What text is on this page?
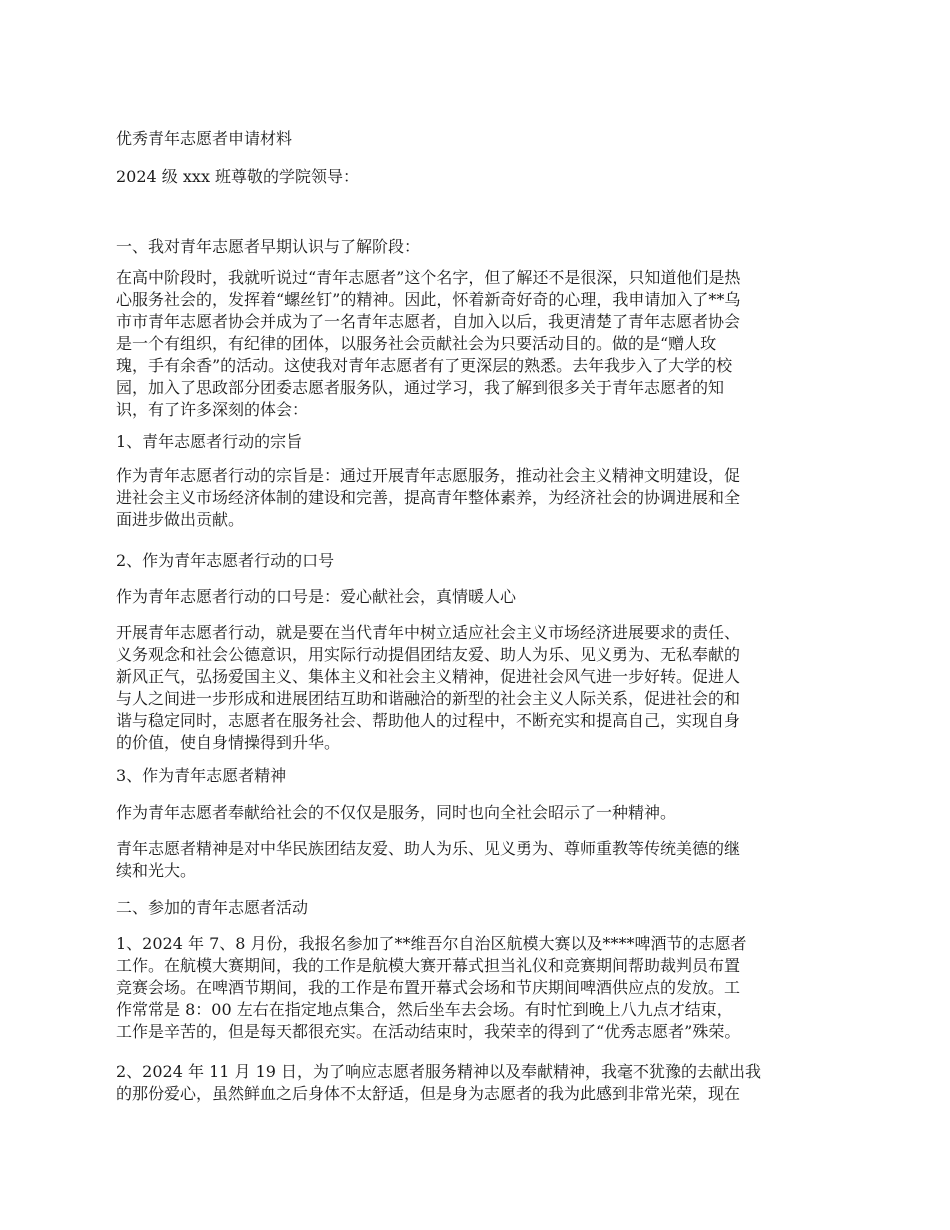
优秀青年志愿者申请材料

2024 级 xxx 班尊敬的学院领导：

一、我对青年志愿者早期认识与了解阶段：

在高中阶段时，我就听说过“青年志愿者”这个名字，但了解还不是很深，只知道他们是热

心服务社会的，发挥着“螺丝钉”的精神。因此，怀着新奇好奇的心理，我申请加入了**乌

市市青年志愿者协会并成为了一名青年志愿者，自加入以后，我更清楚了青年志愿者协会

是一个有组织，有纪律的团体，以服务社会贡献社会为只要活动目的。做的是“赠人玫

瑰，手有余香”的活动。这使我对青年志愿者有了更深层的熟悉。去年我步入了大学的校

园，加入了思政部分团委志愿者服务队，通过学习，我了解到很多关于青年志愿者的知

识，有了许多深刻的体会：

1、青年志愿者行动的宗旨

作为青年志愿者行动的宗旨是：通过开展青年志愿服务，推动社会主义精神文明建设，促

进社会主义市场经济体制的建设和完善，提高青年整体素养，为经济社会的协调进展和全

面进步做出贡献。

2、作为青年志愿者行动的口号

作为青年志愿者行动的口号是：爱心献社会，真情暖人心

开展青年志愿者行动，就是要在当代青年中树立适应社会主义市场经济进展要求的责任、

义务观念和社会公德意识，用实际行动提倡团结友爱、助人为乐、见义勇为、无私奉献的

新风正气，弘扬爱国主义、集体主义和社会主义精神，促进社会风气进一步好转。促进人

与人之间进一步形成和进展团结互助和谐融洽的新型的社会主义人际关系，促进社会的和

谐与稳定同时，志愿者在服务社会、帮助他人的过程中，不断充实和提高自己，实现自身

的价值，使自身情操得到升华。

3、作为青年志愿者精神

作为青年志愿者奉献给社会的不仅仅是服务，同时也向全社会昭示了一种精神。

青年志愿者精神是对中华民族团结友爱、助人为乐、见义勇为、尊师重教等传统美德的继

续和光大。

二、参加的青年志愿者活动

1、2024 年 7、8 月份，我报名参加了**维吾尔自治区航模大赛以及****啤酒节的志愿者

工作。在航模大赛期间，我的工作是航模大赛开幕式担当礼仪和竞赛期间帮助裁判员布置

竞赛会场。在啤酒节期间，我的工作是布置开幕式会场和节庆期间啤酒供应点的发放。工

作常常是 8：00 左右在指定地点集合，然后坐车去会场。有时忙到晚上八九点才结束，

工作是辛苦的，但是每天都很充实。在活动结束时，我荣幸的得到了“优秀志愿者”殊荣。

2、2024 年 11 月 19 日，为了响应志愿者服务精神以及奉献精神，我毫不犹豫的去献出我

的那份爱心，虽然鲜血之后身体不太舒适，但是身为志愿者的我为此感到非常光荣，现在
